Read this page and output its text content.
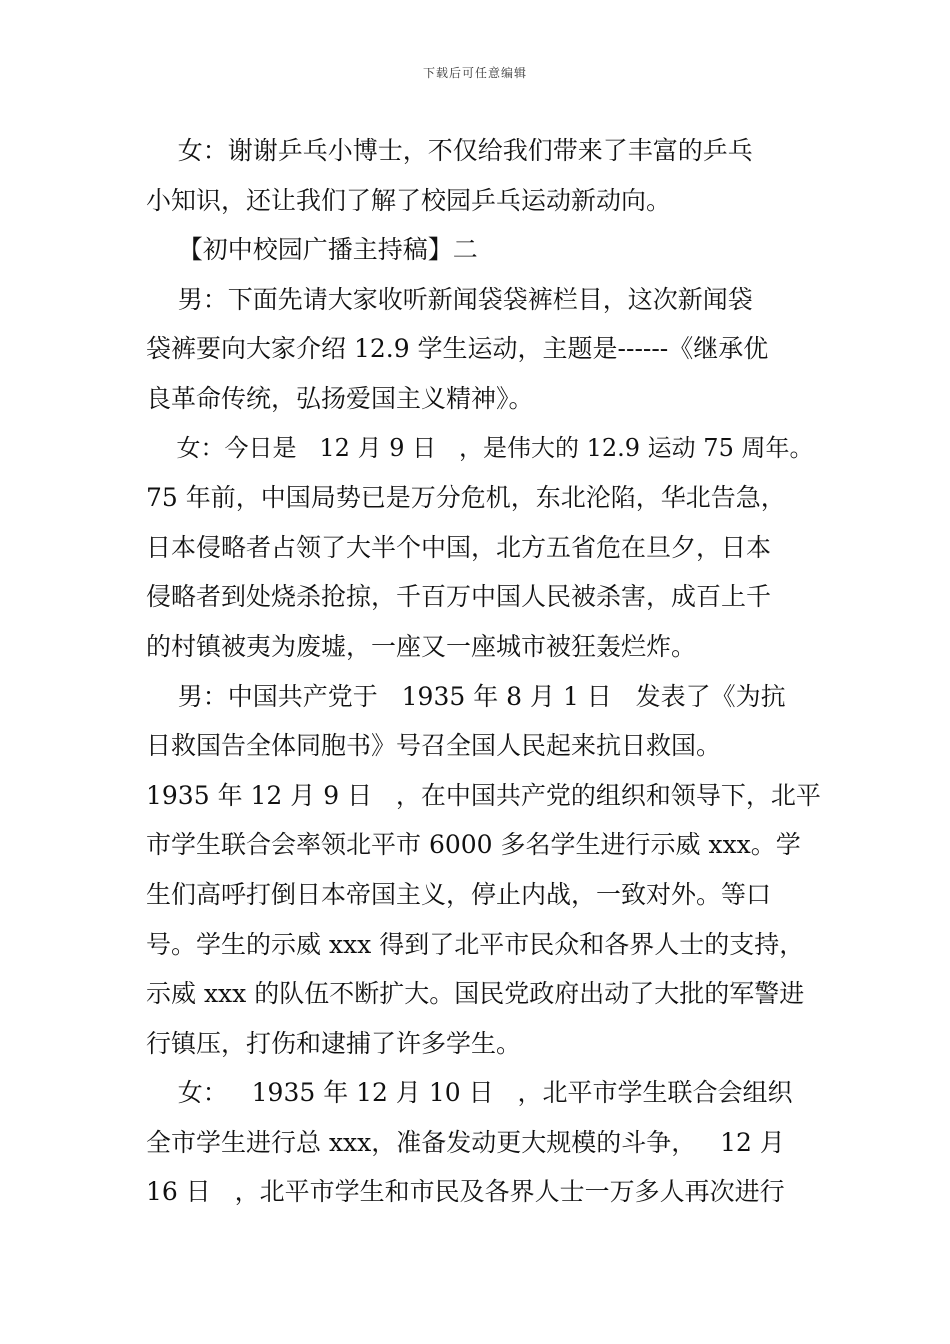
下载后可任意编辑
女：谢谢乒乓小博士，不仅给我们带来了丰富的乒乓
小知识，还让我们了解了校园乒乓运动新动向。
【初中校园广播主持稿】二
男：下面先请大家收听新闻袋袋裤栏目，这次新闻袋
袋裤要向大家介绍 12.9 学生运动，主题是------《继承优
良革命传统，弘扬爱国主义精神》。
女：今日是   12 月 9 日   ，是伟大的 12.9 运动 75 周年。
75 年前，中国局势已是万分危机，东北沦陷，华北告急，
日本侵略者占领了大半个中国，北方五省危在旦夕，日本
侵略者到处烧杀抢掠，千百万中国人民被杀害，成百上千
的村镇被夷为废墟，一座又一座城市被狂轰烂炸。
男：中国共产党于   1935 年 8 月 1 日   发表了《为抗
日救国告全体同胞书》号召全国人民起来抗日救国。
1935 年 12 月 9 日   ，在中国共产党的组织和领导下，北平
市学生联合会率领北平市 6000 多名学生进行示威 xxx。学
生们高呼打倒日本帝国主义，停止内战，一致对外。等口
号。学生的示威 xxx 得到了北平市民众和各界人士的支持，
示威 xxx 的队伍不断扩大。国民党政府出动了大批的军警进
行镇压，打伤和逮捕了许多学生。
女：   1935 年 12 月 10 日   ，北平市学生联合会组织
全市学生进行总 xxx，准备发动更大规模的斗争，   12 月
16 日   ，北平市学生和市民及各界人士一万多人再次进行
